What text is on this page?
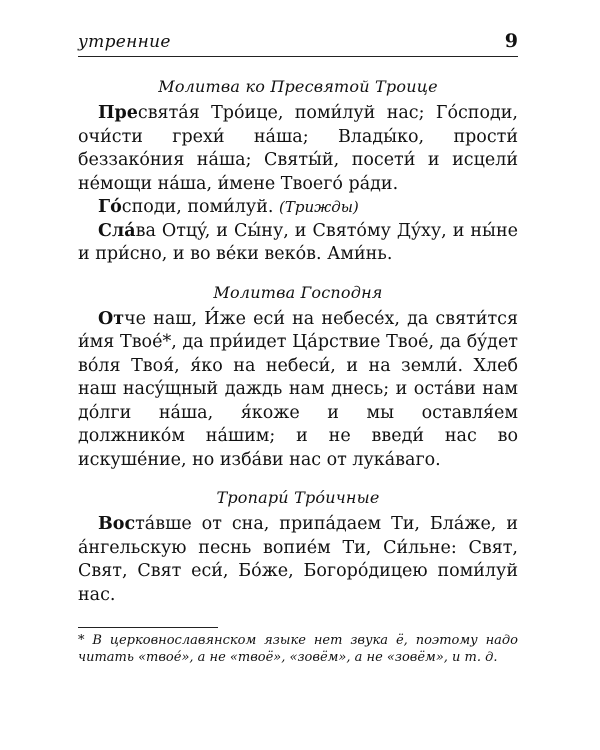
утренние	9
Молитва ко Пресвятой Троице

Пресвятáя Трóице, поми́луй нас; Гóсподи, очи́сти грехи́ нáша; Влады́ко, прости́ беззакóния нáша; Святы́й, посети́ и исцели́ нéмощи нáша, и́мене Твоегó рáди.

Гóсподи, поми́луй. (Трижды)

Слáва Отцý, и Сы́ну, и Святóму Дýху, и ны́не и при́сно, и во вéки векóв. Ами́нь.

Молитва Господня

Отче наш, И́же еси́ на небесéх, да святи́тся и́мя Твоé*, да при́идет Цáрствие Твоé, да бýдет вóля Твоя́, я́ко на небеси́, и на земли́. Хлеб наш насýщный даждь нам днесь; и остáви нам дóлги нáша, я́коже и мы оставля́ем должникóм нáшим; и не введи́ нас во искушéние, но избáви нас от лукáваго.

Тропари́ Трóичные

Востáвше от сна, припáдаем Ти, Блáже, и áнгельскую песнь вопиéм Ти, Си́льне: Свят, Свят, Свят еси́, Бóже, Богорóдицею поми́луй нас.

* В церковнославянском языке нет звука ё, поэтому надо читать «твоé», а не «твоё», «зовём», а не «зовём», и т. д.
